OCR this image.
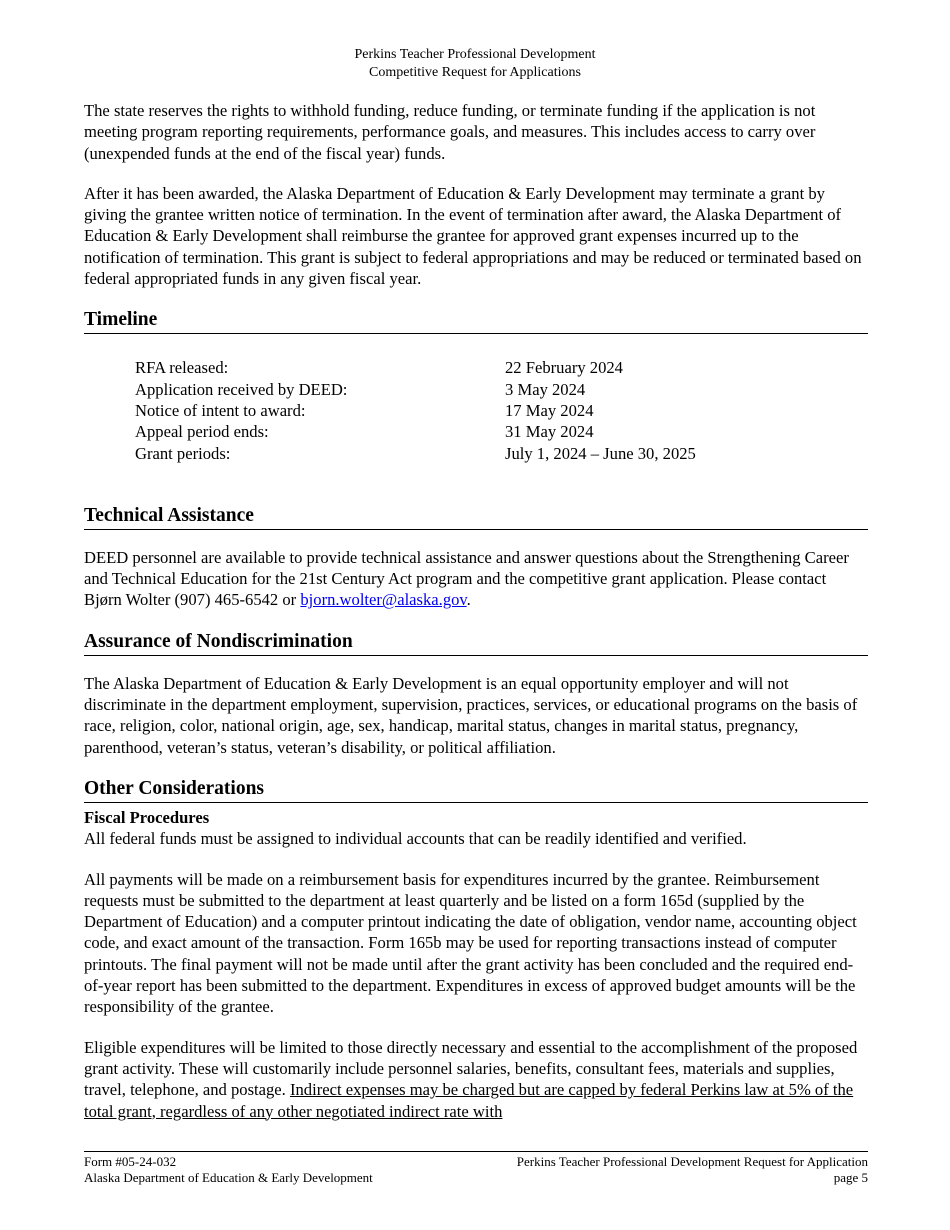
Perkins Teacher Professional Development
Competitive Request for Applications

The state reserves the rights to withhold funding, reduce funding, or terminate funding if the application is not meeting program reporting requirements, performance goals, and measures. This includes access to carry over (unexpended funds at the end of the fiscal year) funds.

After it has been awarded, the Alaska Department of Education & Early Development may terminate a grant by giving the grantee written notice of termination. In the event of termination after award, the Alaska Department of Education & Early Development shall reimburse the grantee for approved grant expenses incurred up to the notification of termination. This grant is subject to federal appropriations and may be reduced or terminated based on federal appropriated funds in any given fiscal year.

Timeline
RFA released:	22 February 2024
Application received by DEED:	3 May 2024
Notice of intent to award:	17 May 2024
Appeal period ends:	31 May 2024
Grant periods:	July 1, 2024 – June 30, 2025
Technical Assistance

DEED personnel are available to provide technical assistance and answer questions about the Strengthening Career and Technical Education for the 21st Century Act program and the competitive grant application. Please contact Bjørn Wolter (907) 465-6542 or bjorn.wolter@alaska.gov.

Assurance of Nondiscrimination

The Alaska Department of Education & Early Development is an equal opportunity employer and will not discriminate in the department employment, supervision, practices, services, or educational programs on the basis of race, religion, color, national origin, age, sex, handicap, marital status, changes in marital status, pregnancy, parenthood, veteran’s status, veteran’s disability, or political affiliation.

Other Considerations
Fiscal Procedures

All federal funds must be assigned to individual accounts that can be readily identified and verified.

All payments will be made on a reimbursement basis for expenditures incurred by the grantee. Reimbursement requests must be submitted to the department at least quarterly and be listed on a form 165d (supplied by the Department of Education) and a computer printout indicating the date of obligation, vendor name, accounting object code, and exact amount of the transaction. Form 165b may be used for reporting transactions instead of computer printouts. The final payment will not be made until after the grant activity has been concluded and the required end-of-year report has been submitted to the department. Expenditures in excess of approved budget amounts will be the responsibility of the grantee.

Eligible expenditures will be limited to those directly necessary and essential to the accomplishment of the proposed grant activity. These will customarily include personnel salaries, benefits, consultant fees, materials and supplies, travel, telephone, and postage. Indirect expenses may be charged but are capped by federal Perkins law at 5% of the total grant, regardless of any other negotiated indirect rate with

Form #05-24-032
Alaska Department of Education & Early Development
Perkins Teacher Professional Development Request for Application
page 5
